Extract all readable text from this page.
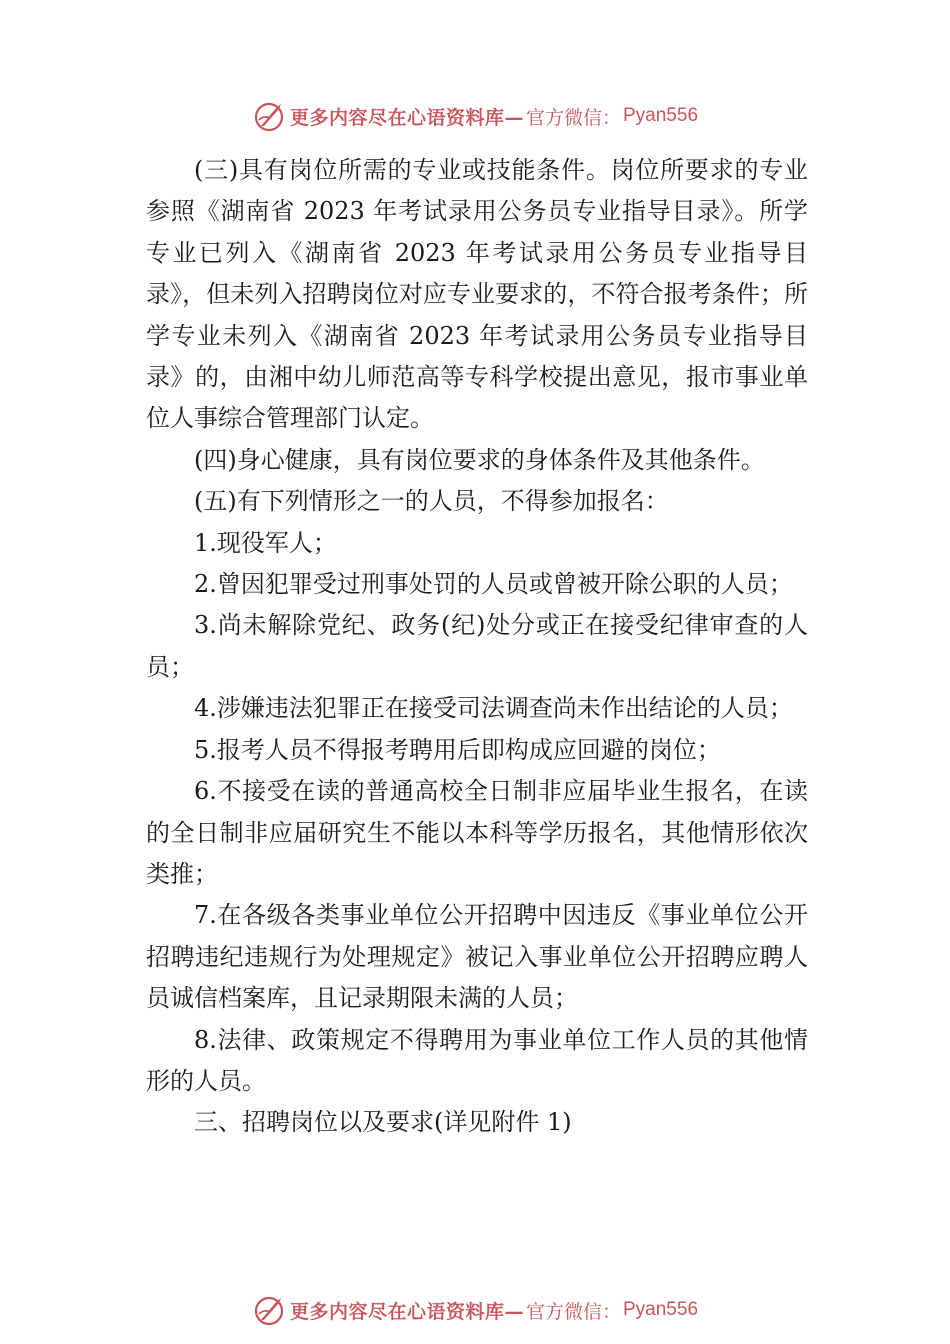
更多内容尽在心语资料库— 官方微信： Pyan556

(三)具有岗位所需的专业或技能条件。岗位所要求的专业参照《湖南省 2023 年考试录用公务员专业指导目录》。所学专业已列入《湖南省 2023 年考试录用公务员专业指导目录》，但未列入招聘岗位对应专业要求的，不符合报考条件；所学专业未列入《湖南省 2023 年考试录用公务员专业指导目录》的，由湘中幼儿师范高等专科学校提出意见，报市事业单位人事综合管理部门认定。

(四)身心健康，具有岗位要求的身体条件及其他条件。

(五)有下列情形之一的人员，不得参加报名：

1.现役军人；

2.曾因犯罪受过刑事处罚的人员或曾被开除公职的人员；

3.尚未解除党纪、政务(纪)处分或正在接受纪律审查的人员；

4.涉嫌违法犯罪正在接受司法调查尚未作出结论的人员；

5.报考人员不得报考聘用后即构成应回避的岗位；

6.不接受在读的普通高校全日制非应届毕业生报名，在读的全日制非应届研究生不能以本科等学历报名，其他情形依次类推；

7.在各级各类事业单位公开招聘中因违反《事业单位公开招聘违纪违规行为处理规定》被记入事业单位公开招聘应聘人员诚信档案库，且记录期限未满的人员；

8.法律、政策规定不得聘用为事业单位工作人员的其他情形的人员。

三、招聘岗位以及要求(详见附件 1)

更多内容尽在心语资料库— 官方微信： Pyan556
